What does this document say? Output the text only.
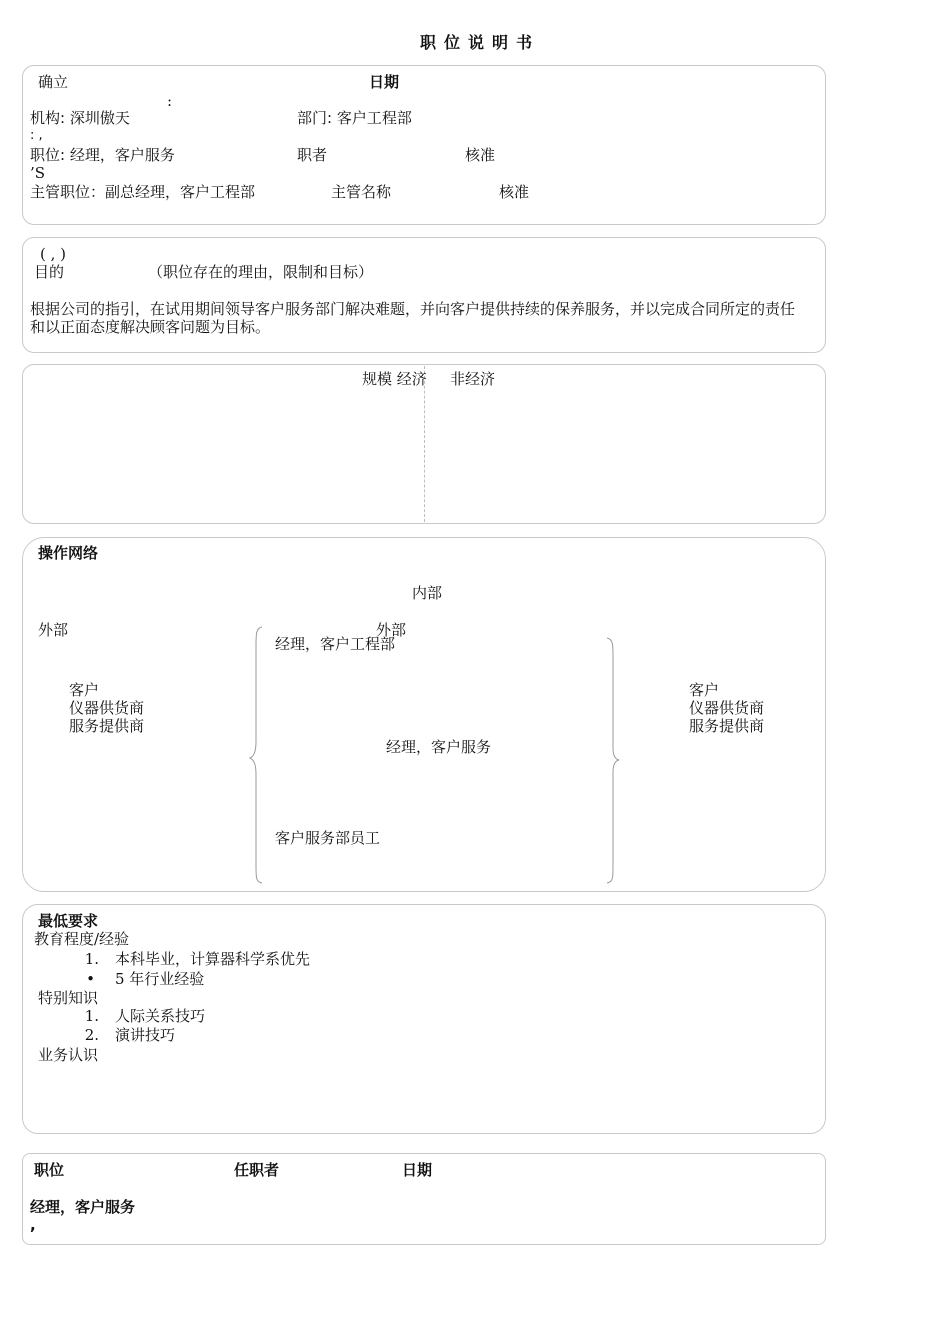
职位说明书
确立	日期
:
机构: 深圳傲天	部门: 客户工程部
: ,
职位: 经理，客户服务	职者	核准
’S
主管职位：副总经理，客户工程部	主管名称	核准
( , )
目的	（职位存在的理由，限制和目标）
根据公司的指引，在试用期间领导客户服务部门解决难题，并向客户提供持续的保养服务，并以完成合同所定的责任
和以正面态度解决顾客问题为目标。
规模 经济 非经济
操作网络
内部
外部	外部
客户
仪器供货商
服务提供商
客户
仪器供货商
服务提供商
经理，客户工程部
经理，客户服务
客户服务部员工
最低要求
教育程度/经验
1. 本科毕业，计算器科学系优先
• 5 年行业经验
特别知识
1. 人际关系技巧
2. 演讲技巧
业务认识
职位	任职者	日期
经理，客户服务
,
